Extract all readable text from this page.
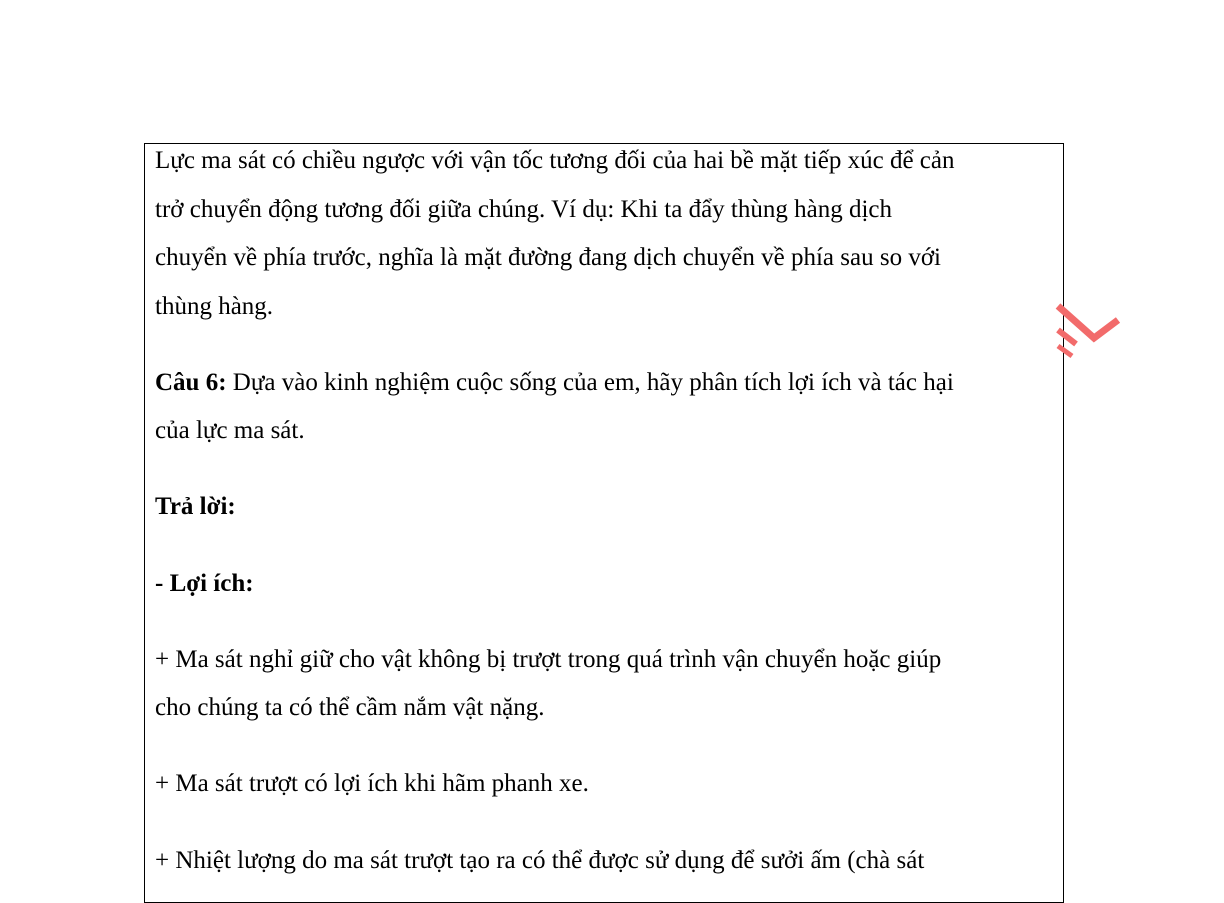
Lực ma sát có chiều ngược với vận tốc tương đối của hai bề mặt tiếp xúc để cản
trở chuyển động tương đối giữa chúng. Ví dụ: Khi ta đẩy thùng hàng dịch
chuyển về phía trước, nghĩa là mặt đường đang dịch chuyển về phía sau so với
thùng hàng.
Câu 6: Dựa vào kinh nghiệm cuộc sống của em, hãy phân tích lợi ích và tác hại
của lực ma sát.
Trả lời:
- Lợi ích:
+ Ma sát nghỉ giữ cho vật không bị trượt trong quá trình vận chuyển hoặc giúp
cho chúng ta có thể cầm nắm vật nặng.
+ Ma sát trượt có lợi ích khi hãm phanh xe.
+ Nhiệt lượng do ma sát trượt tạo ra có thể được sử dụng để sưởi ấm (chà sát
